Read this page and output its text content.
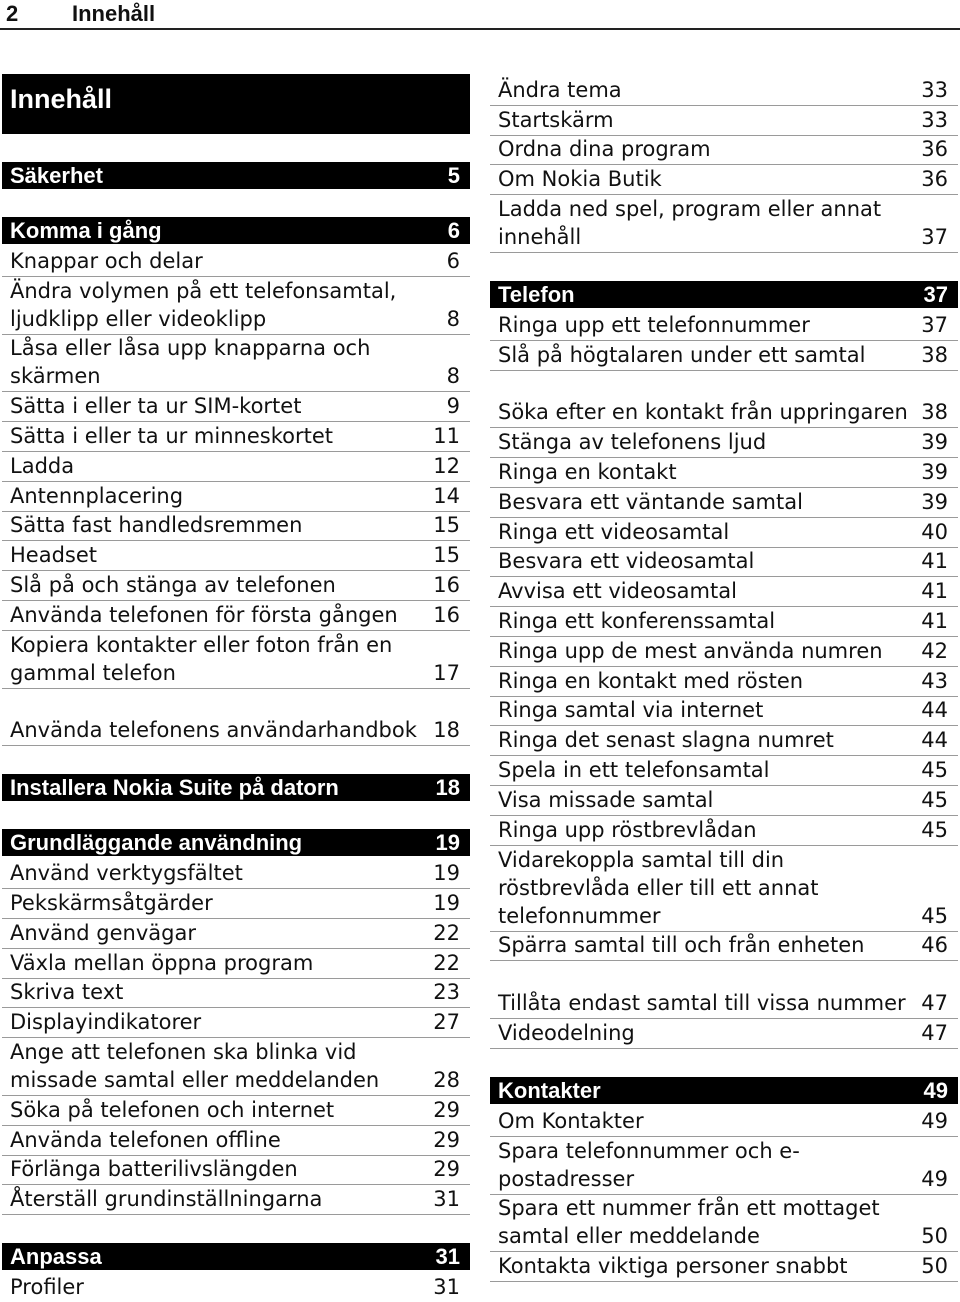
2 Innehåll
Innehåll
Säkerhet	5
Komma i gång	6
Knappar och delar	6
Ändra volymen på ett telefonsamtal, ljudklipp eller videoklipp	8
Låsa eller låsa upp knapparna och skärmen	8
Sätta i eller ta ur SIM-kortet	9
Sätta i eller ta ur minneskortet	11
Ladda	12
Antennplacering	14
Sätta fast handledsremmen	15
Headset	15
Slå på och stänga av telefonen	16
Använda telefonen för första gången	16
Kopiera kontakter eller foton från en gammal telefon	17
Använda telefonens användarhandbok 18
Installera Nokia Suite på datorn	18
Grundläggande användning	19
Använd verktygsfältet	19
Pekskärmsåtgärder	19
Använd genvägar	22
Växla mellan öppna program	22
Skriva text	23
Displayindikatorer	27
Ange att telefonen ska blinka vid missade samtal eller meddelanden	28
Söka på telefonen och internet	29
Använda telefonen offline	29
Förlänga batterilivslängden	29
Återställ grundinställningarna	31
Anpassa	31
Profiler	31
Ändra tema	33
Startskärm	33
Ordna dina program	36
Om Nokia Butik	36
Ladda ned spel, program eller annat innehåll	37
Telefon	37
Ringa upp ett telefonnummer	37
Slå på högtalaren under ett samtal	38
Söka efter en kontakt från uppringaren 38
Stänga av telefonens ljud	39
Ringa en kontakt	39
Besvara ett väntande samtal	39
Ringa ett videosamtal	40
Besvara ett videosamtal	41
Avvisa ett videosamtal	41
Ringa ett konferenssamtal	41
Ringa upp de mest använda numren	42
Ringa en kontakt med rösten	43
Ringa samtal via internet	44
Ringa det senast slagna numret	44
Spela in ett telefonsamtal	45
Visa missade samtal	45
Ringa upp röstbrevlådan	45
Vidarekoppla samtal till din röstbrevlåda eller till ett annat telefonnummer	45
Spärra samtal till och från enheten	46
Tillåta endast samtal till vissa nummer 47
Videodelning	47
Kontakter	49
Om Kontakter	49
Spara telefonnummer och e-postadresser	49
Spara ett nummer från ett mottaget samtal eller meddelande	50
Kontakta viktiga personer snabbt	50
